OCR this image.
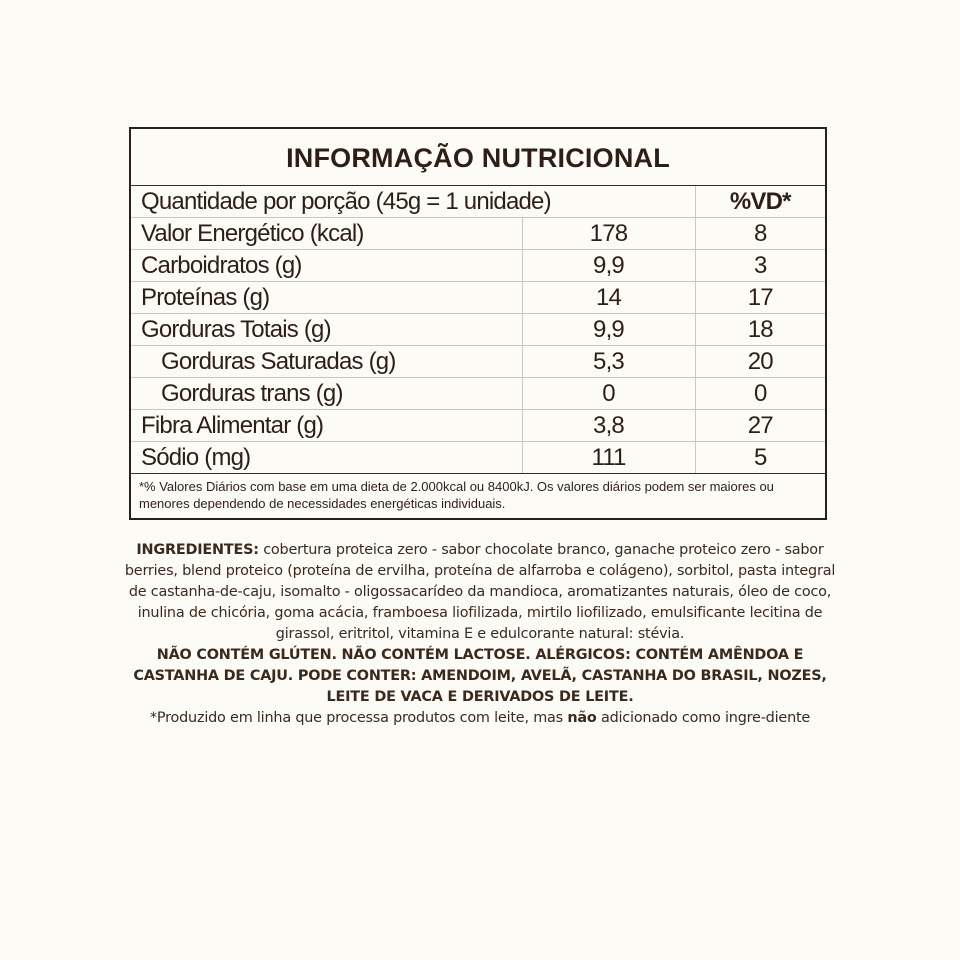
INFORMAÇÃO NUTRICIONAL
Quantidade por porção (45g = 1 unidade)		%VD*
Valor Energético (kcal)	178	8
Carboidratos (g)	9,9	3
Proteínas (g)	14	17
Gorduras Totais (g)	9,9	18
Gorduras Saturadas (g)	5,3	20
Gorduras trans (g)	0	0
Fibra Alimentar (g)	3,8	27
Sódio (mg)	111	5
*% Valores Diários com base em uma dieta de 2.000kcal ou 8400kJ. Os valores diários podem ser maiores ou menores dependendo de necessidades energéticas individuais.
INGREDIENTES: cobertura proteica zero - sabor chocolate branco, ganache proteico zero - sabor berries, blend proteico (proteína de ervilha, proteína de alfarroba e colágeno), sorbitol, pasta integral de castanha-de-caju, isomalto - oligossacarídeo da mandioca, aromatizantes naturais, óleo de coco, inulina de chicória, goma acácia, framboesa liofilizada, mirtilo liofilizado, emulsificante lecitina de girassol, eritritol, vitamina E e edulcorante natural: stévia.
NÃO CONTÉM GLÚTEN. NÃO CONTÉM LACTOSE. ALÉRGICOS: CONTÉM AMÊNDOA E CASTANHA DE CAJU. PODE CONTER: AMENDOIM, AVELÃ, CASTANHA DO BRASIL, NOZES, LEITE DE VACA E DERIVADOS DE LEITE.
*Produzido em linha que processa produtos com leite, mas não adicionado como ingre-diente
